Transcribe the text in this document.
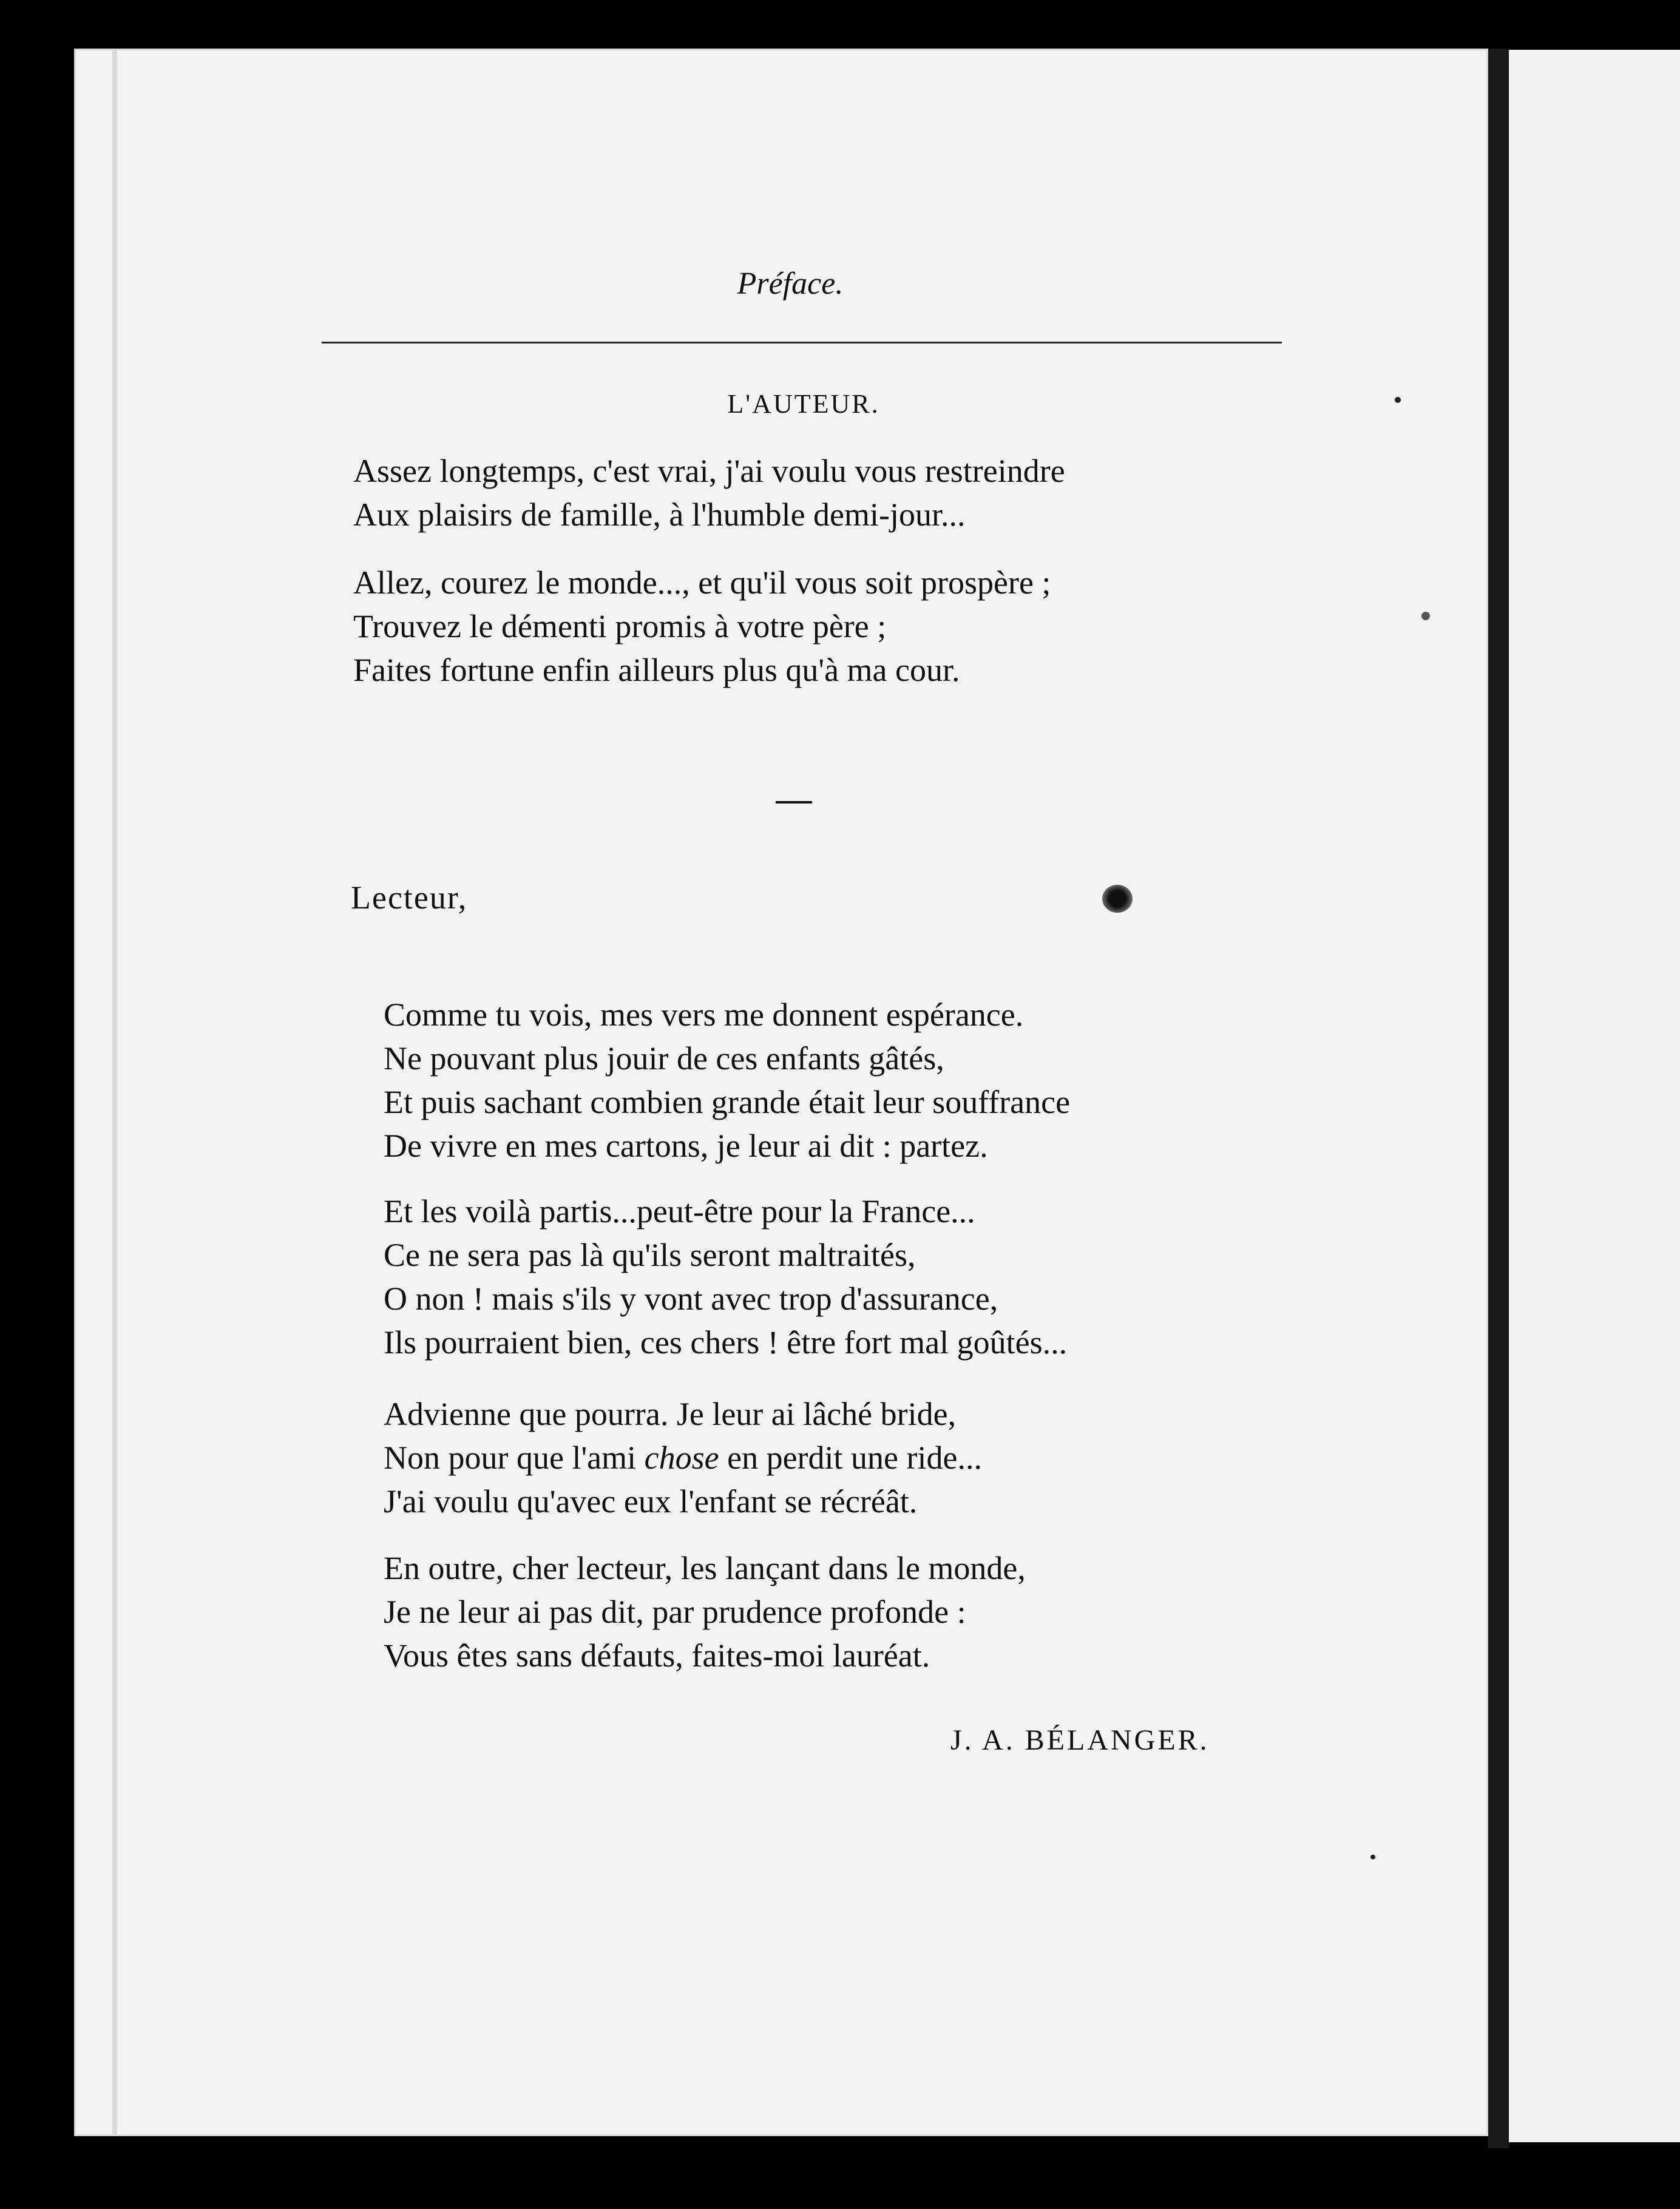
Préface.
L'AUTEUR.
Assez longtemps, c'est vrai, j'ai voulu vous restreindre
Aux plaisirs de famille, à l'humble demi-jour...
Allez, courez le monde..., et qu'il vous soit prospère ;
Trouvez le démenti promis à votre père ;
Faites fortune enfin ailleurs plus qu'à ma cour.
Lecteur,
Comme tu vois, mes vers me donnent espérance.
Ne pouvant plus jouir de ces enfants gâtés,
Et puis sachant combien grande était leur souffrance
De vivre en mes cartons, je leur ai dit : partez.
Et les voilà partis...peut-être pour la France...
Ce ne sera pas là qu'ils seront maltraités,
O non ! mais s'ils y vont avec trop d'assurance,
Ils pourraient bien, ces chers ! être fort mal goûtés...
Advienne que pourra. Je leur ai lâché bride,
Non pour que l'ami chose en perdit une ride...
J'ai voulu qu'avec eux l'enfant se récréât.
En outre, cher lecteur, les lançant dans le monde,
Je ne leur ai pas dit, par prudence profonde :
Vous êtes sans défauts, faites-moi lauréat.
J. A. BÉLANGER.
